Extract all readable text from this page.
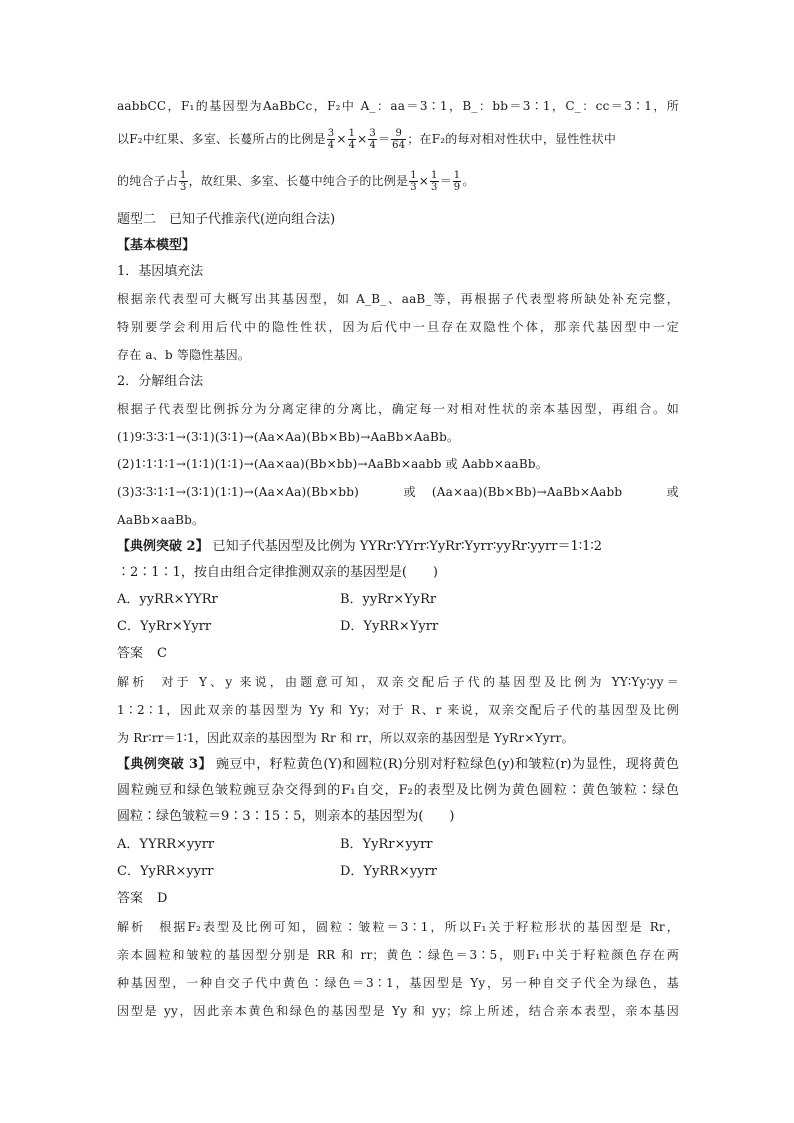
aabbCC，F₁的基因型为AaBbCc，F₂中 A_：aa＝3∶1，B_：bb＝3∶1，C_：cc＝3∶1，所
以F₂中红果、多室、长蔓所占的比例是 $\frac{3}{4} \times \frac{1}{4} \times \frac{3}{4} = \frac{9}{64}$ ；在F₂的每对相对性状中，显性性状中
的纯合子占 $\frac{1}{3}$ ，故红果、多室、长蔓中纯合子的比例是 $\frac{1}{3} \times \frac{1}{3} = \frac{1}{9}$ 。
题型二　已知子代推亲代(逆向组合法)
【基本模型】
1．基因填充法
根据亲代表型可大概写出其基因型，如 A_B_、aaB_等，再根据子代表型将所缺处补充完整，
特别要学会利用后代中的隐性性状，因为后代中一旦存在双隐性个体，那亲代基因型中一定
存在 a、b 等隐性基因。
2．分解组合法
根据子代表型比例拆分为分离定律的分离比，确定每一对相对性状的亲本基因型，再组合。如
(1)9∶3∶3∶1→(3∶1)(3∶1)→(Aa×Aa)(Bb×Bb)→AaBb×AaBb。
(2)1∶1∶1∶1→(1∶1)(1∶1)→(Aa×aa)(Bb×bb)→AaBb×aabb 或 Aabb×aaBb。
(3)3∶3∶1∶1→(3∶1)(1∶1)→(Aa×Aa)(Bb×bb)　或(Aa×aa)(Bb×Bb)→AaBb×Aabb　或
AaBb×aaBb。
【典例突破 2】 已知子代基因型及比例为 YYRr∶YYrr∶YyRr∶Yyrr∶yyRr∶yyrr＝1∶1∶2
∶2∶1∶1，按自由组合定律推测双亲的基因型是(　　)
A．yyRR×YYRr	B．yyRr×YyRr
C．YyRr×Yyrr	D．YyRR×Yyrr
答案 C
解析 对于 Y、y 来说，由题意可知，双亲交配后子代的基因型及比例为 YY∶Yy∶yy＝
1∶2∶1，因此双亲的基因型为 Yy 和 Yy；对于 R、r 来说，双亲交配后子代的基因型及比例
为 Rr∶rr＝1∶1，因此双亲的基因型为 Rr 和 rr，所以双亲的基因型是 YyRr×Yyrr。
【典例突破 3】 豌豆中，籽粒黄色(Y)和圆粒(R)分别对籽粒绿色(y)和皱粒(r)为显性，现将黄色
圆粒豌豆和绿色皱粒豌豆杂交得到的F₁自交，F₂的表型及比例为黄色圆粒∶黄色皱粒∶绿色
圆粒∶绿色皱粒＝9∶3∶15∶5，则亲本的基因型为(　　)
A．YYRR×yyrr	B．YyRr×yyrr
C．YyRR×yyrr	D．YyRR×yyrr
答案 D
解析 根据F₂表型及比例可知，圆粒∶皱粒＝3∶1，所以F₁关于籽粒形状的基因型是 Rr，
亲本圆粒和皱粒的基因型分别是 RR 和 rr；黄色∶绿色＝3∶5，则F₁中关于籽粒颜色存在两
种基因型，一种自交子代中黄色∶绿色＝3∶1，基因型是 Yy，另一种自交子代全为绿色，基
因型是 yy，因此亲本黄色和绿色的基因型是 Yy 和 yy；综上所述，结合亲本表型，亲本基因
